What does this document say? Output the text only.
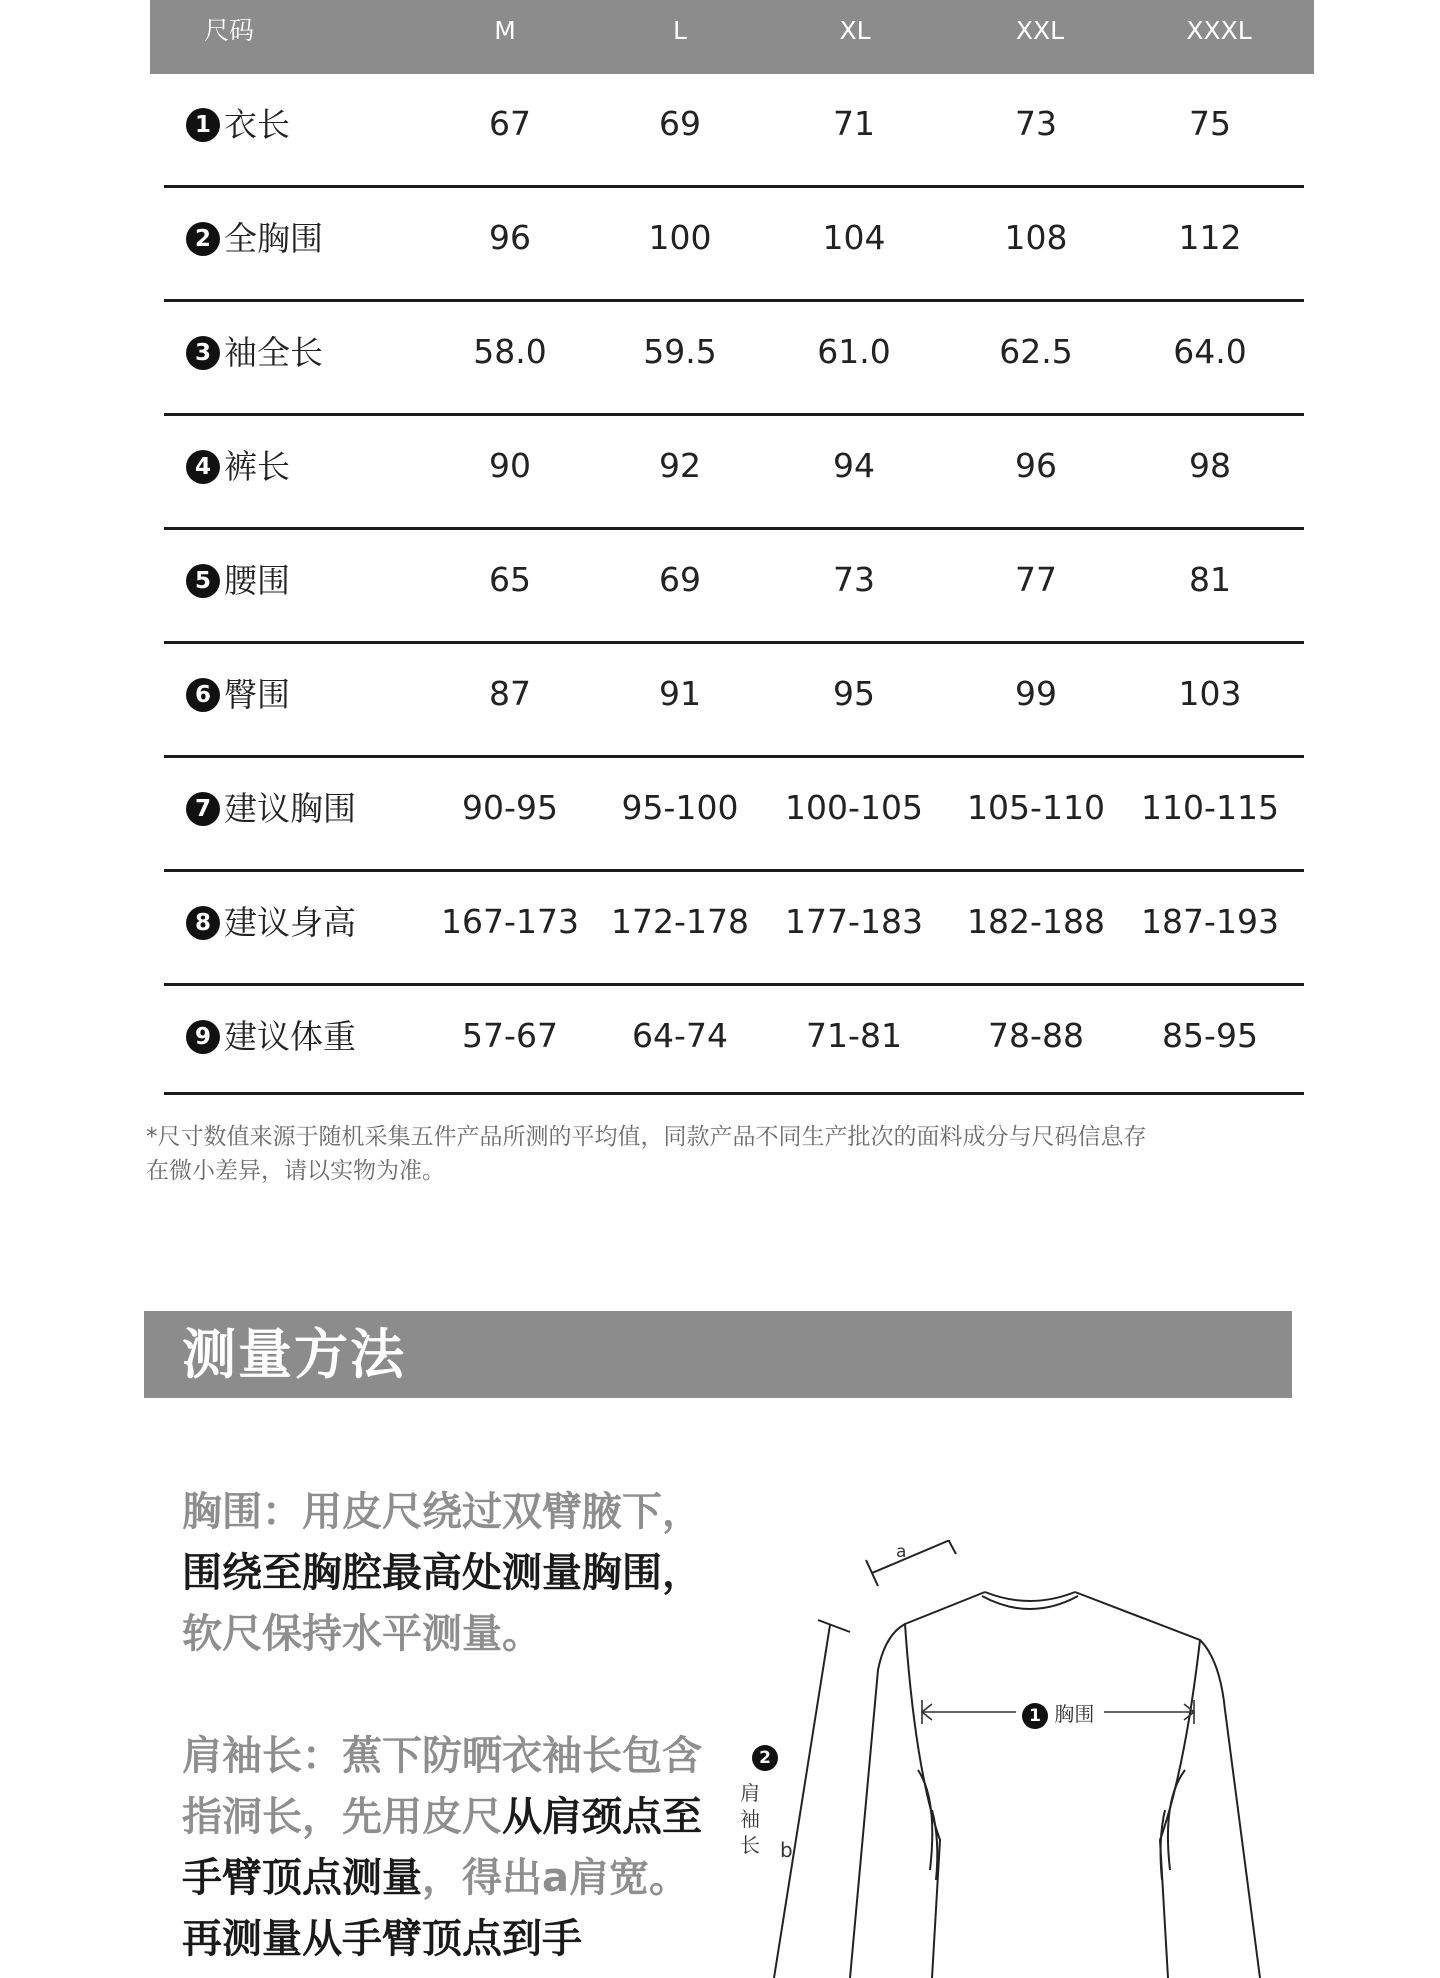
尺码	M	L	XL	XXL	XXXL
1 衣长	67	69	71	73	75
2 全胸围	96	100	104	108	112
3 袖全长	58.0	59.5	61.0	62.5	64.0
4 裤长	90	92	94	96	98
5 腰围	65	69	73	77	81
6 臀围	87	91	95	99	103
7 建议胸围	90-95 95-100 100-105 105-110 110-115
8 建议身高	167-173 172-178 177-183 182-188 187-193
9 建议体重	57-67 64-74 71-81	78-88 85-95
*尺寸数值来源于随机采集五件产品所测的平均值，同款产品不同生产批次的面料成分与尺码信息存
在微小差异，请以实物为准。
测量方法
胸围：用皮尺绕过双臂腋下，围绕至胸腔最高处测量胸围，软尺保持水平测量。
肩袖长：蕉下防晒衣袖长包含指洞长，先用皮尺从肩颈点至手臂顶点测量，得出a肩宽。再测量从手臂顶点到手
1 胸围
a
b
2
肩
袖
长
